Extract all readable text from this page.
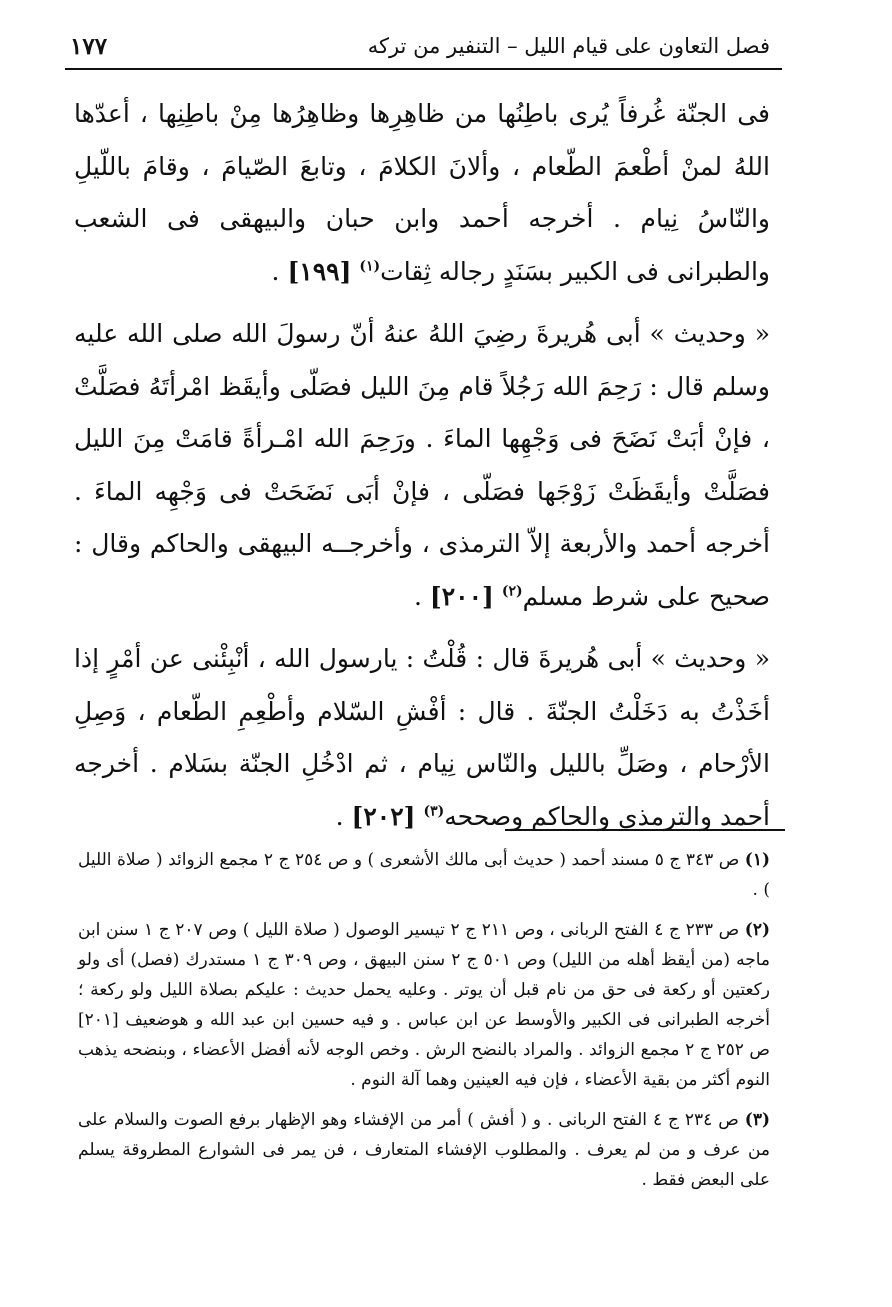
فصل التعاون على قيام الليل – التنفير من تركه
١٧٧

فى الجنّة غُرفاً يُرى باطِنُها من ظاهِرِها وظاهِرُها مِنْ باطِنِها ، أعدّها اللهُ لمنْ أطْعمَ الطّعام ، وألانَ الكلامَ ، وتابعَ الصّيامَ ، وقامَ باللّيلِ والنّاسُ نِيام . أخرجه أحمد وابن حبان والبيهقى فى الشعب والطبرانى فى الكبير بسَنَدٍ رجاله ثِقات$^{(١)}$ [١٩٩] .

« وحديث » أبى هُريرةَ رضِيَ اللهُ عنهُ أنّ رسولَ الله صلى الله عليه وسلم قال : رَحِمَ الله رَجُلاً قام مِنَ الليل فصَلّى وأيقَظ امْرأتَهُ فصَلَّتْ ، فإنْ أبَتْ نَضَحَ فى وَجْهِها الماءَ . ورَحِمَ الله امْـرأةً قامَتْ مِنَ الليل فصَلَّتْ وأيقَظَتْ زَوْجَها فصَلّى ، فإنْ أبَى نَضَحَتْ فى وَجْهِه الماءَ . أخرجه أحمد والأربعة إلاّ الترمذى ، وأخرجــه البيهقى والحاكم وقال : صحيح على شرط مسلم$^{(٢)}$ [٢٠٠] .

« وحديث » أبى هُريرةَ قال : قُلْتُ : يارسول الله ، أنْبِئْنى عن أمْرٍ إذا أخَذْتُ به دَخَلْتُ الجنّةَ . قال : أفْشِ السّلام وأطْعِمِ الطّعام ، وَصِلِ الأرْحام ، وصَلِّ بالليل والنّاس نِيام ، ثم ادْخُلِ الجنّة بسَلام . أخرجه أحمد والترمذى والحاكم وصححه$^{(٣)}$ [٢٠٢] .

(١) ص ٣٤٣ ج ٥ مسند أحمد ( حديث أبى مالك الأشعرى ) و ص ٢٥٤ ج ٢ مجمع الزوائد ( صلاة الليل ) .

(٢) ص ٢٣٣ ج ٤ الفتح الربانى ، وص ٢١١ ج ٢ تيسير الوصول ( صلاة الليل ) وص ٢٠٧ ج ١ سنن ابن ماجه (من أيقظ أهله من الليل) وص ٥٠١ ج ٢ سنن البيهق ، وص ٣٠٩ ج ١ مستدرك (فصل) أى ولو ركعتين أو ركعة فى حق من نام قبل أن يوتر . وعليه يحمل حديث : عليكم بصلاة الليل ولو ركعة ؛ أخرجه الطبرانى فى الكبير والأوسط عن ابن عباس . و فيه حسين ابن عبد الله و هوضعيف [٢٠١] ص ٢٥٢ ج ٢ مجمع الزوائد . والمراد بالنضح الرش . وخص الوجه لأنه أفضل الأعضاء ، وبنضحه يذهب النوم أكثر من بقية الأعضاء ، فإن فيه العينين وهما آلة النوم .

(٣) ص ٢٣٤ ج ٤ الفتح الربانى . و ( أفش ) أمر من الإفشاء وهو الإظهار برفع الصوت والسلام على من عرف و من لم يعرف . والمطلوب الإفشاء المتعارف ، فن يمر فى الشوارع المطروقة يسلم على البعض فقط .
